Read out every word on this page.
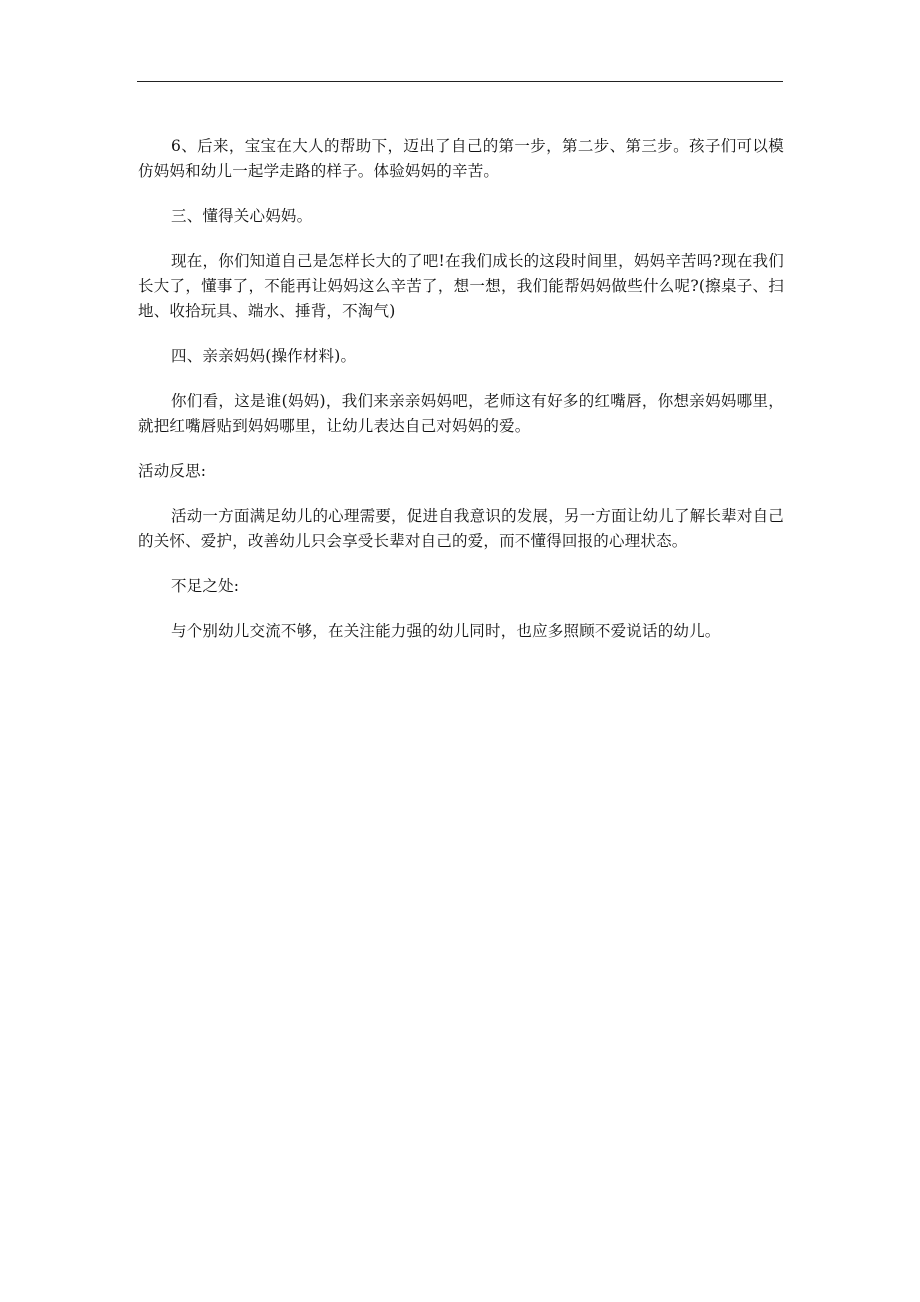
6、后来，宝宝在大人的帮助下，迈出了自己的第一步，第二步、第三步。孩子们可以模仿妈妈和幼儿一起学走路的样子。体验妈妈的辛苦。

三、懂得关心妈妈。

现在，你们知道自己是怎样长大的了吧!在我们成长的这段时间里，妈妈辛苦吗?现在我们长大了，懂事了，不能再让妈妈这么辛苦了，想一想，我们能帮妈妈做些什么呢?(擦桌子、扫地、收拾玩具、端水、捶背，不淘气)

四、亲亲妈妈(操作材料)。

你们看，这是谁(妈妈)，我们来亲亲妈妈吧，老师这有好多的红嘴唇，你想亲妈妈哪里，就把红嘴唇贴到妈妈哪里，让幼儿表达自己对妈妈的爱。

活动反思:

活动一方面满足幼儿的心理需要，促进自我意识的发展，另一方面让幼儿了解长辈对自己的关怀、爱护，改善幼儿只会享受长辈对自己的爱，而不懂得回报的心理状态。

不足之处:

与个别幼儿交流不够，在关注能力强的幼儿同时，也应多照顾不爱说话的幼儿。
